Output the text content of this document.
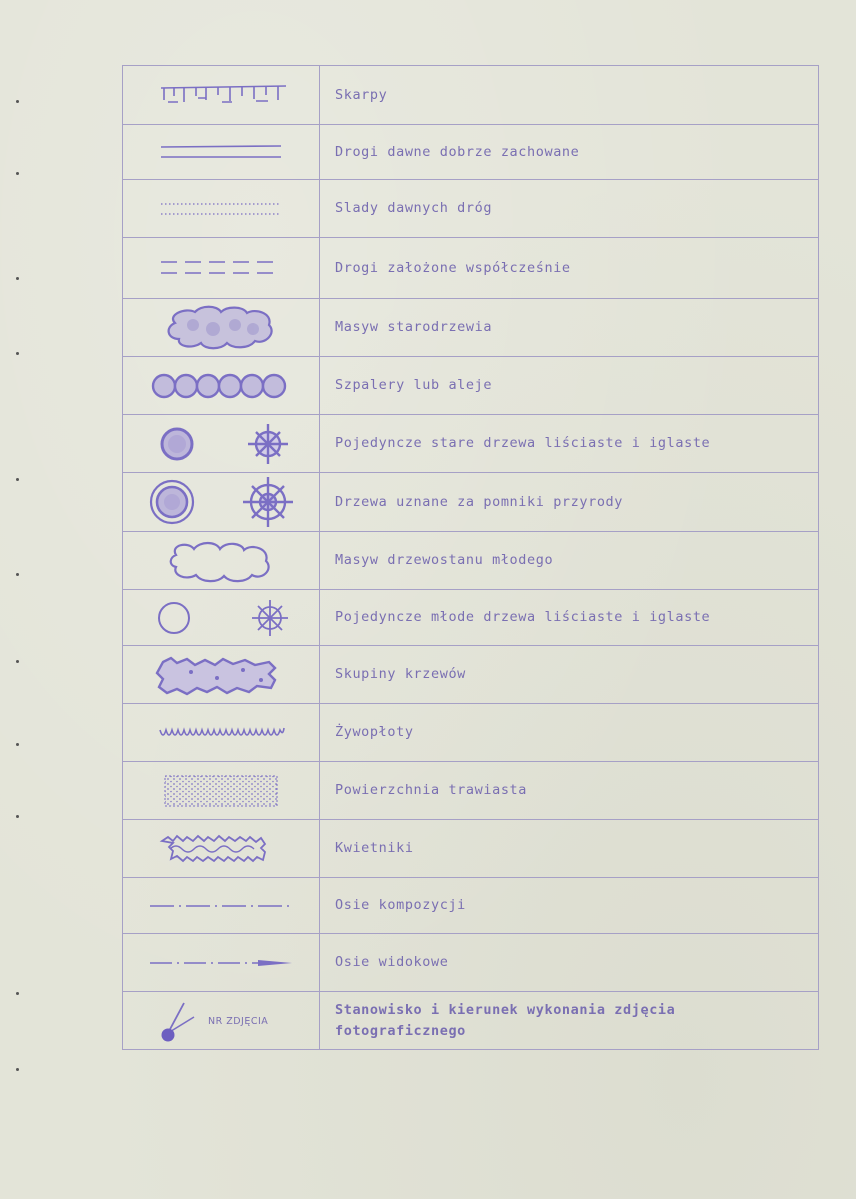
	Skarpy

	Drogi dawne dobrze zachowane

	Slady dawnych dróg

	Drogi założone współcześnie

	Masyw starodrzewia

	Szpalery lub aleje

	Pojedyncze stare drzewa liściaste i iglaste

	Drzewa uznane za pomniki przyrody

	Masyw drzewostanu młodego

	Pojedyncze młode drzewa liściaste i iglaste

	Skupiny krzewów

	Żywopłoty

	Powierzchnia trawiasta

	Kwietniki

	Osie kompozycji

	Osie widokowe

NR ZDJĘCIA	Stanowisko i kierunek wykonania zdjęcia fotograficznego
